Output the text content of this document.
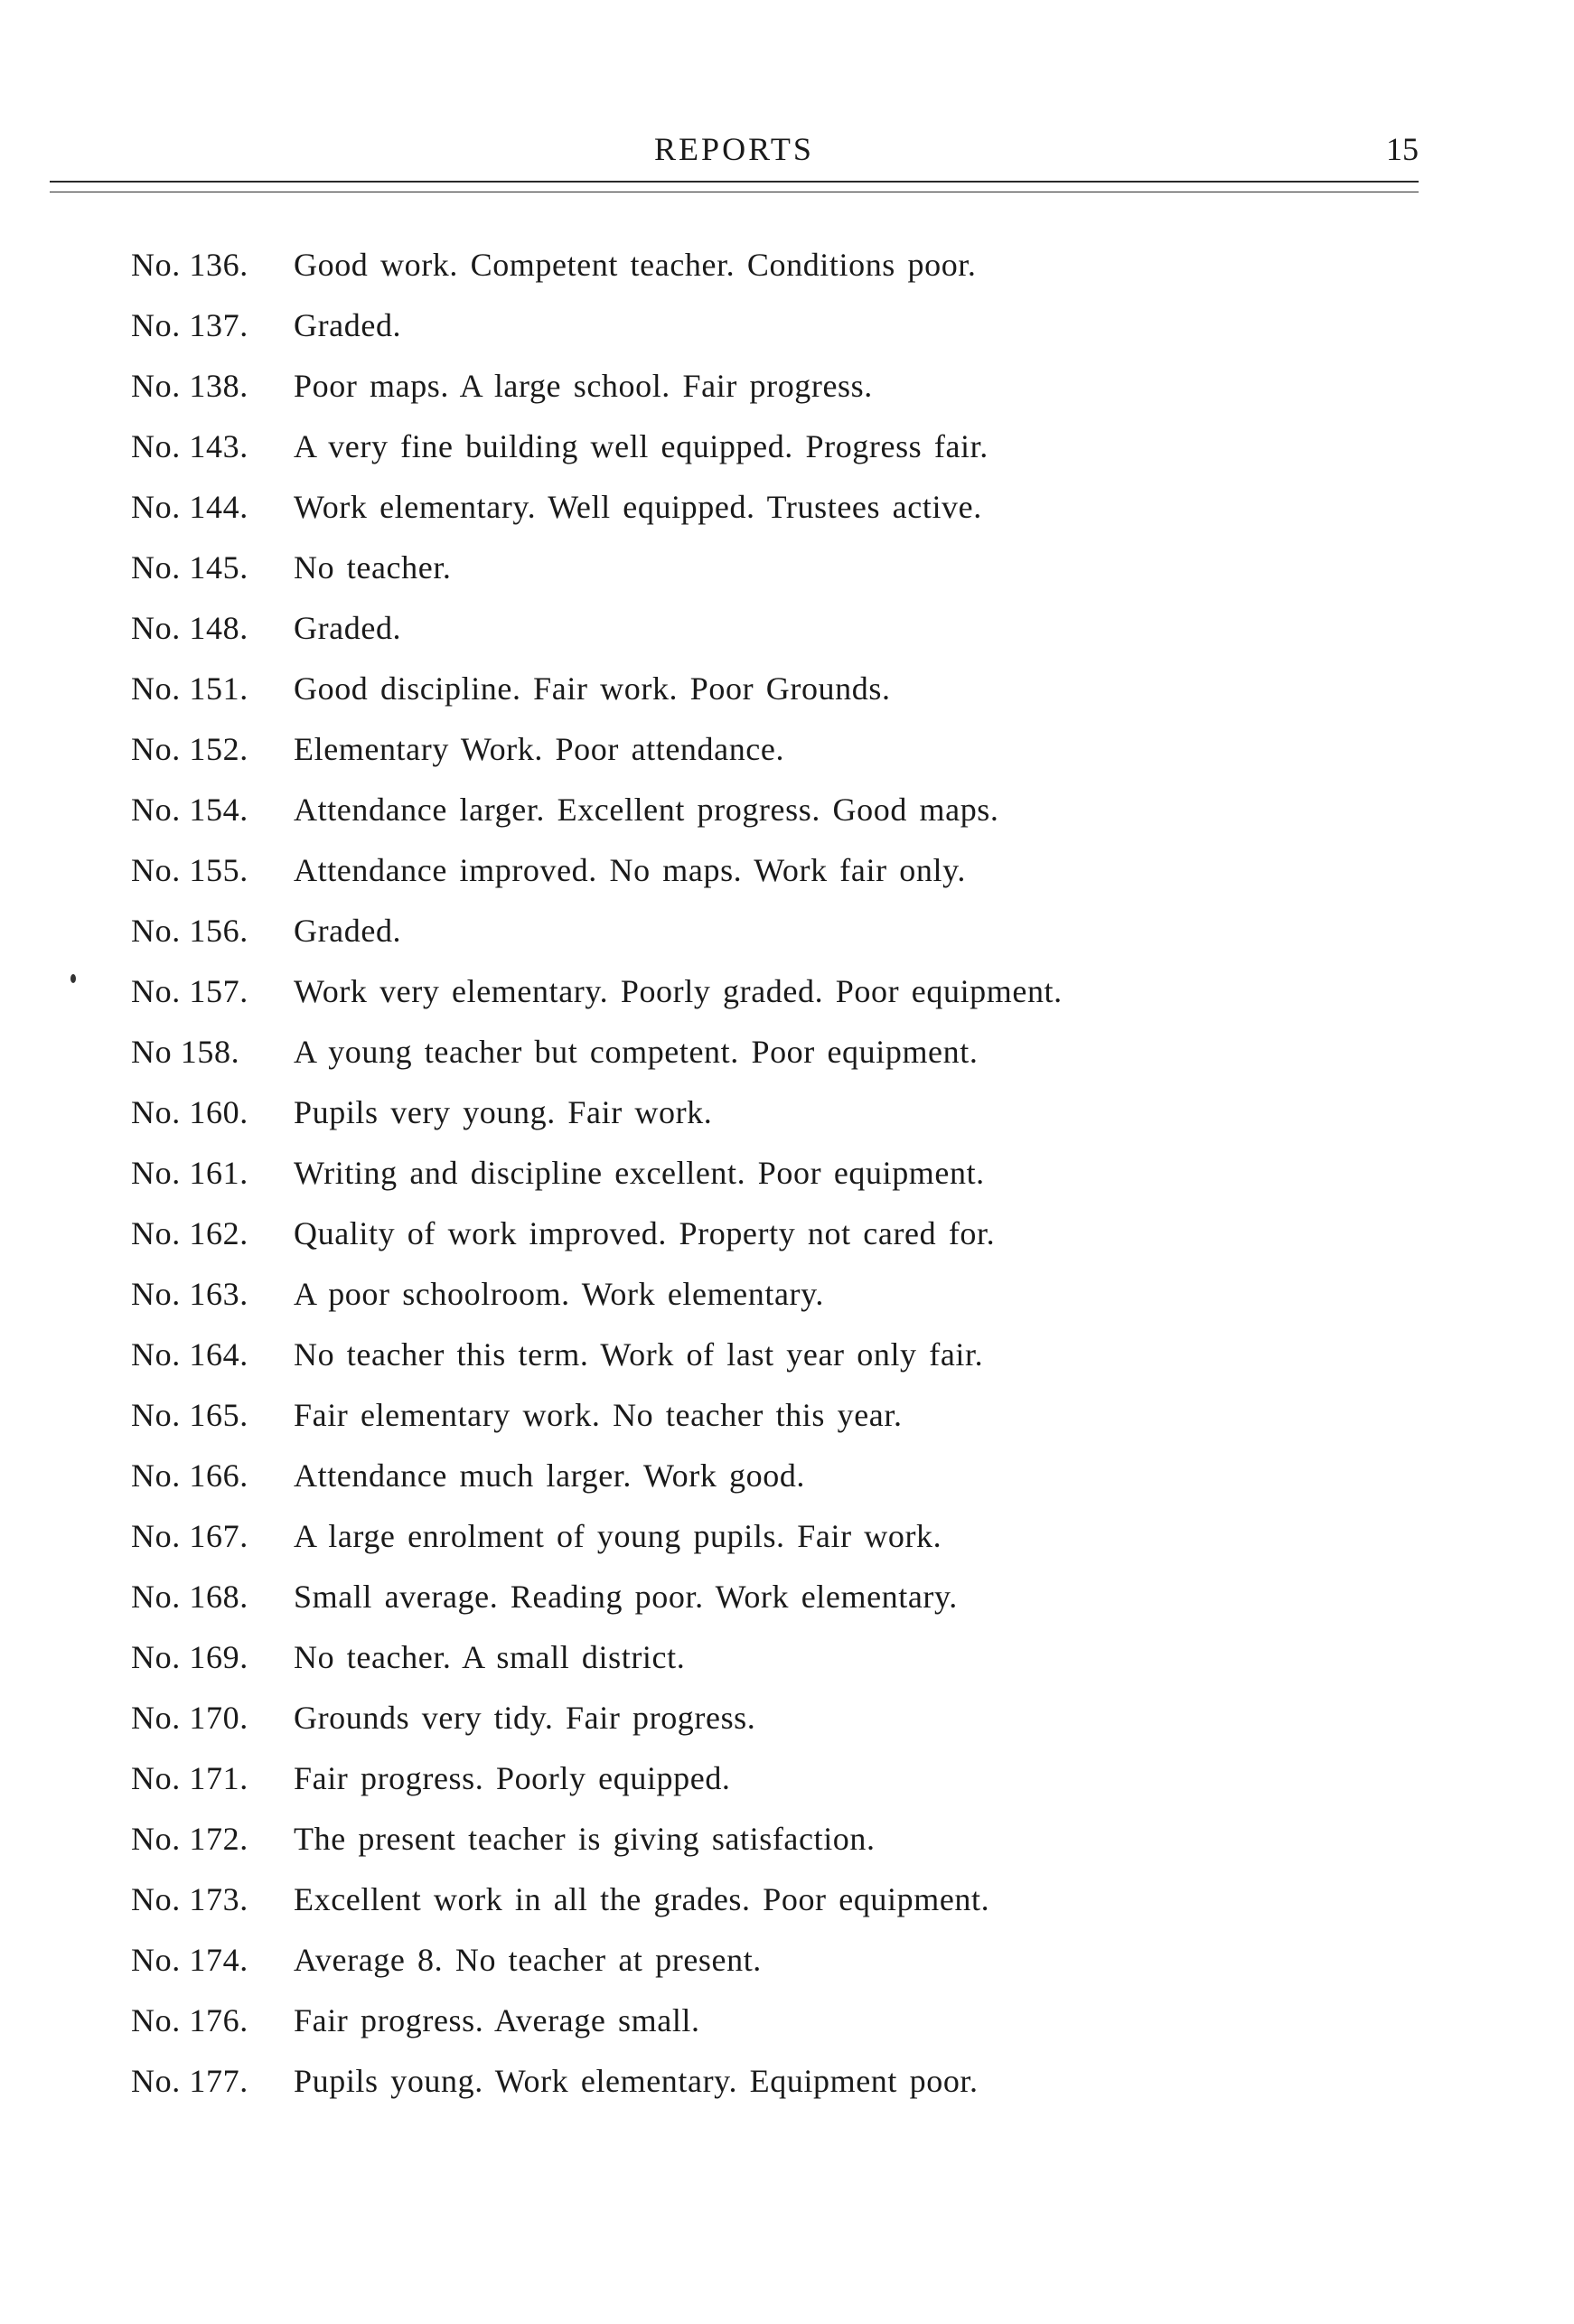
REPORTS	15
No. 136.	Good work. Competent teacher. Conditions poor.
No. 137.	Graded.
No. 138.	Poor maps. A large school. Fair progress.
No. 143.	A very fine building well equipped. Progress fair.
No. 144.	Work elementary. Well equipped. Trustees active.
No. 145.	No teacher.
No. 148.	Graded.
No. 151.	Good discipline. Fair work. Poor Grounds.
No. 152.	Elementary Work. Poor attendance.
No. 154.	Attendance larger. Excellent progress. Good maps.
No. 155.	Attendance improved. No maps. Work fair only.
No. 156.	Graded.
No. 157.	Work very elementary. Poorly graded. Poor equipment.
No 158.	A young teacher but competent. Poor equipment.
No. 160.	Pupils very young. Fair work.
No. 161.	Writing and discipline excellent. Poor equipment.
No. 162.	Quality of work improved. Property not cared for.
No. 163.	A poor schoolroom. Work elementary.
No. 164.	No teacher this term. Work of last year only fair.
No. 165.	Fair elementary work. No teacher this year.
No. 166.	Attendance much larger. Work good.
No. 167.	A large enrolment of young pupils. Fair work.
No. 168.	Small average. Reading poor. Work elementary.
No. 169.	No teacher. A small district.
No. 170.	Grounds very tidy. Fair progress.
No. 171.	Fair progress. Poorly equipped.
No. 172.	The present teacher is giving satisfaction.
No. 173.	Excellent work in all the grades. Poor equipment.
No. 174.	Average 8. No teacher at present.
No. 176.	Fair progress. Average small.
No. 177.	Pupils young. Work elementary. Equipment poor.
